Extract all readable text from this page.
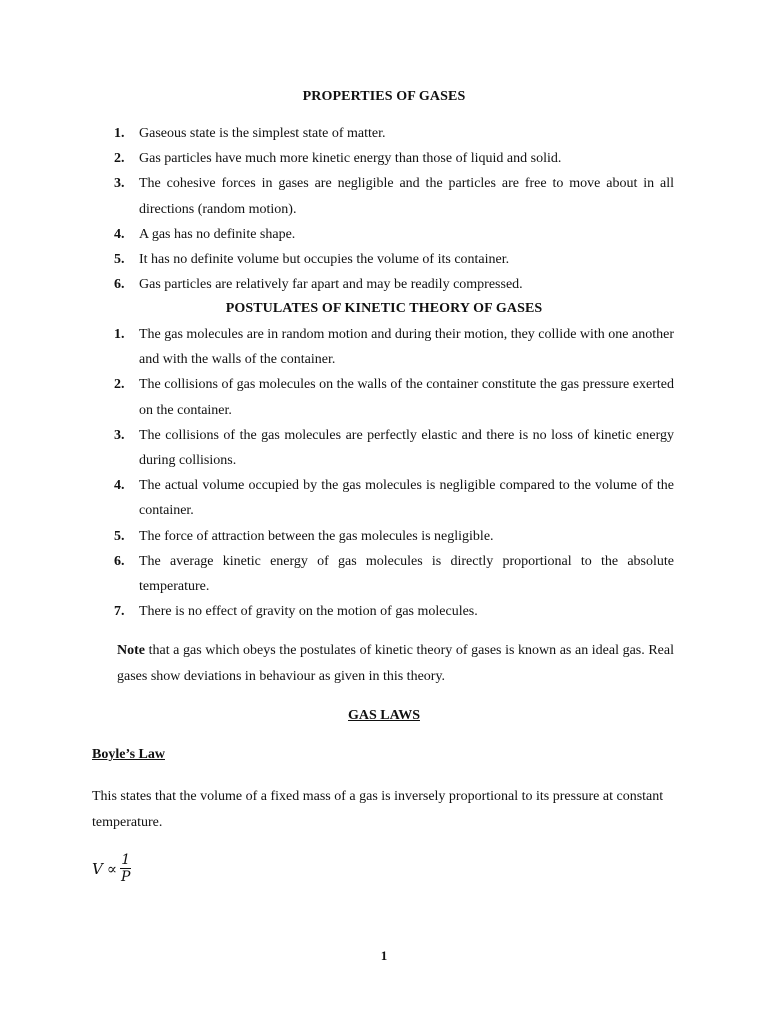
PROPERTIES OF GASES
1. Gaseous state is the simplest state of matter.
2. Gas particles have much more kinetic energy than those of liquid and solid.
3. The cohesive forces in gases are negligible and the particles are free to move about in all directions (random motion).
4. A gas has no definite shape.
5. It has no definite volume but occupies the volume of its container.
6. Gas particles are relatively far apart and may be readily compressed.
POSTULATES OF KINETIC THEORY OF GASES
1. The gas molecules are in random motion and during their motion, they collide with one another and with the walls of the container.
2. The collisions of gas molecules on the walls of the container constitute the gas pressure exerted on the container.
3. The collisions of the gas molecules are perfectly elastic and there is no loss of kinetic energy during collisions.
4. The actual volume occupied by the gas molecules is negligible compared to the volume of the container.
5. The force of attraction between the gas molecules is negligible.
6. The average kinetic energy of gas molecules is directly proportional to the absolute temperature.
7. There is no effect of gravity on the motion of gas molecules.

Note that a gas which obeys the postulates of kinetic theory of gases is known as an ideal gas. Real gases show deviations in behaviour as given in this theory.

GAS LAWS
Boyle’s Law

This states that the volume of a fixed mass of a gas is inversely proportional to its pressure at constant temperature.

$V \propto \frac{1}{P}$
1
